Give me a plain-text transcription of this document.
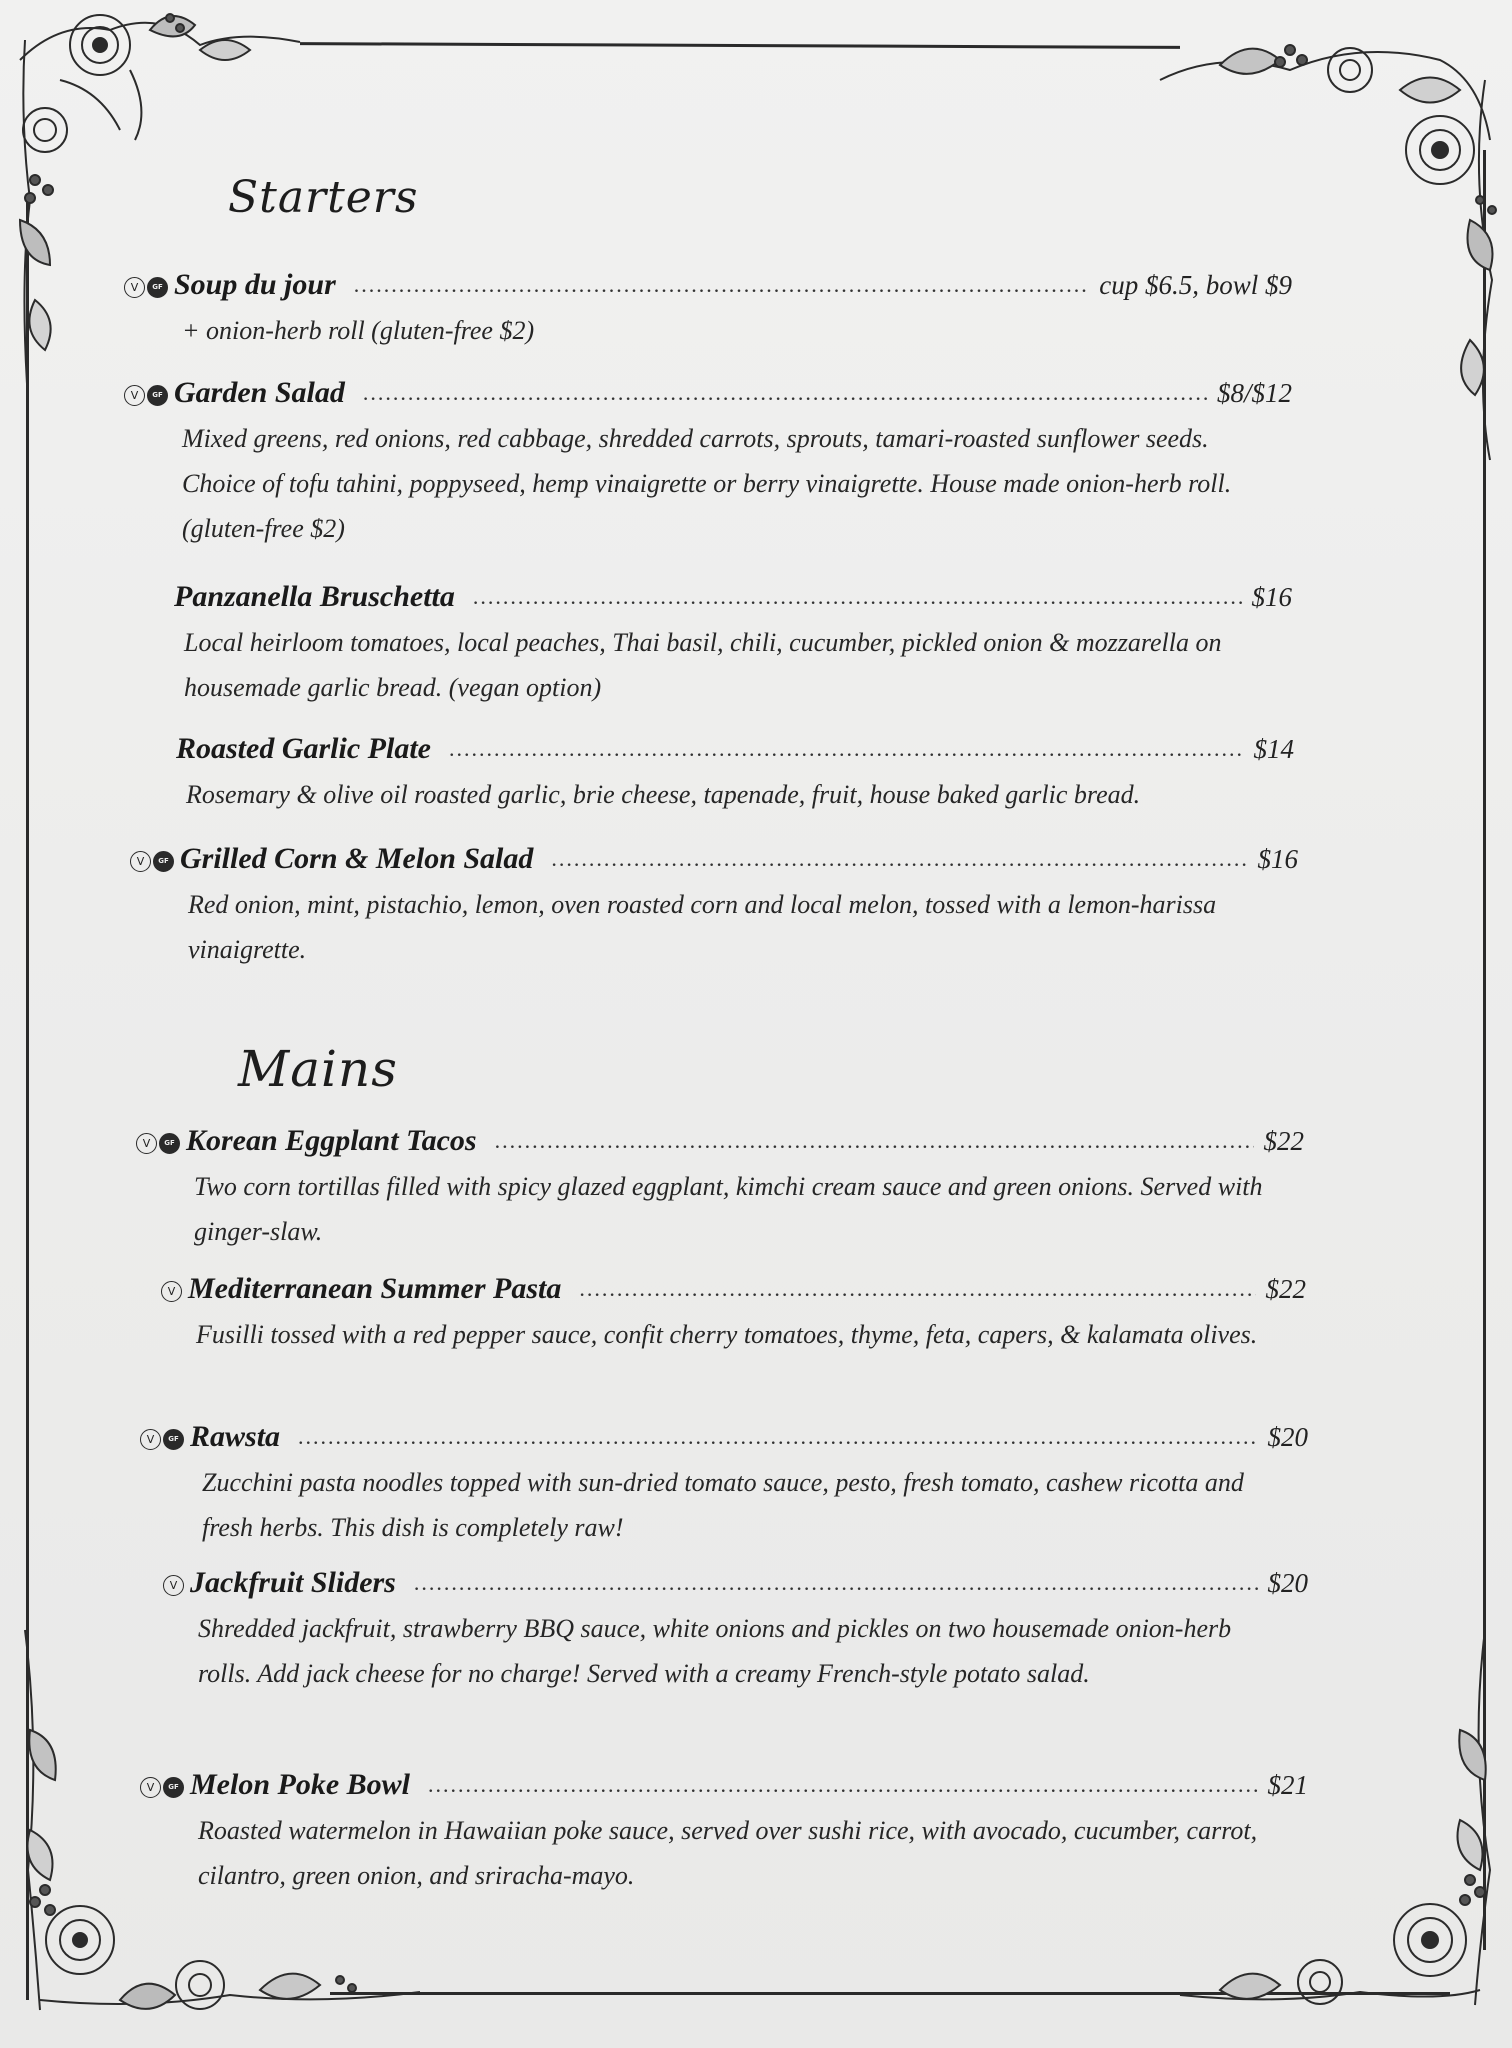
Starters
V	GF Soup du jour .....	cup $6.5, bowl $9
+ onion-herb roll (gluten-free $2)
V	GF Garden Salad .....	$8/$12
Mixed greens, red onions, red cabbage, shredded carrots, sprouts, tamari-roasted sunflower seeds. Choice of tofu tahini, poppyseed, hemp vinaigrette or berry vinaigrette. House made onion-herb roll. (gluten-free $2)
Panzanella Bruschetta .....	$16
Local heirloom tomatoes, local peaches, Thai basil, chili, cucumber, pickled onion & mozzarella on housemade garlic bread. (vegan option)
Roasted Garlic Plate .....	$14
Rosemary & olive oil roasted garlic, brie cheese, tapenade, fruit, house baked garlic bread.
V	GF Grilled Corn & Melon Salad .....	$16
Red onion, mint, pistachio, lemon, oven roasted corn and local melon, tossed with a lemon-harissa vinaigrette.
Mains
V	GF Korean Eggplant Tacos .....	$22
Two corn tortillas filled with spicy glazed eggplant, kimchi cream sauce and green onions. Served with ginger-slaw.
V Mediterranean Summer Pasta .....	$22
Fusilli tossed with a red pepper sauce, confit cherry tomatoes, thyme, feta, capers, & kalamata olives.
V	GF Rawsta .....	$20
Zucchini pasta noodles topped with sun-dried tomato sauce, pesto, fresh tomato, cashew ricotta and fresh herbs. This dish is completely raw!
V Jackfruit Sliders .....	$20
Shredded jackfruit, strawberry BBQ sauce, white onions and pickles on two housemade onion-herb rolls. Add jack cheese for no charge! Served with a creamy French-style potato salad.
V	GF Melon Poke Bowl .....	$21
Roasted watermelon in Hawaiian poke sauce, served over sushi rice, with avocado, cucumber, carrot, cilantro, green onion, and sriracha-mayo.
